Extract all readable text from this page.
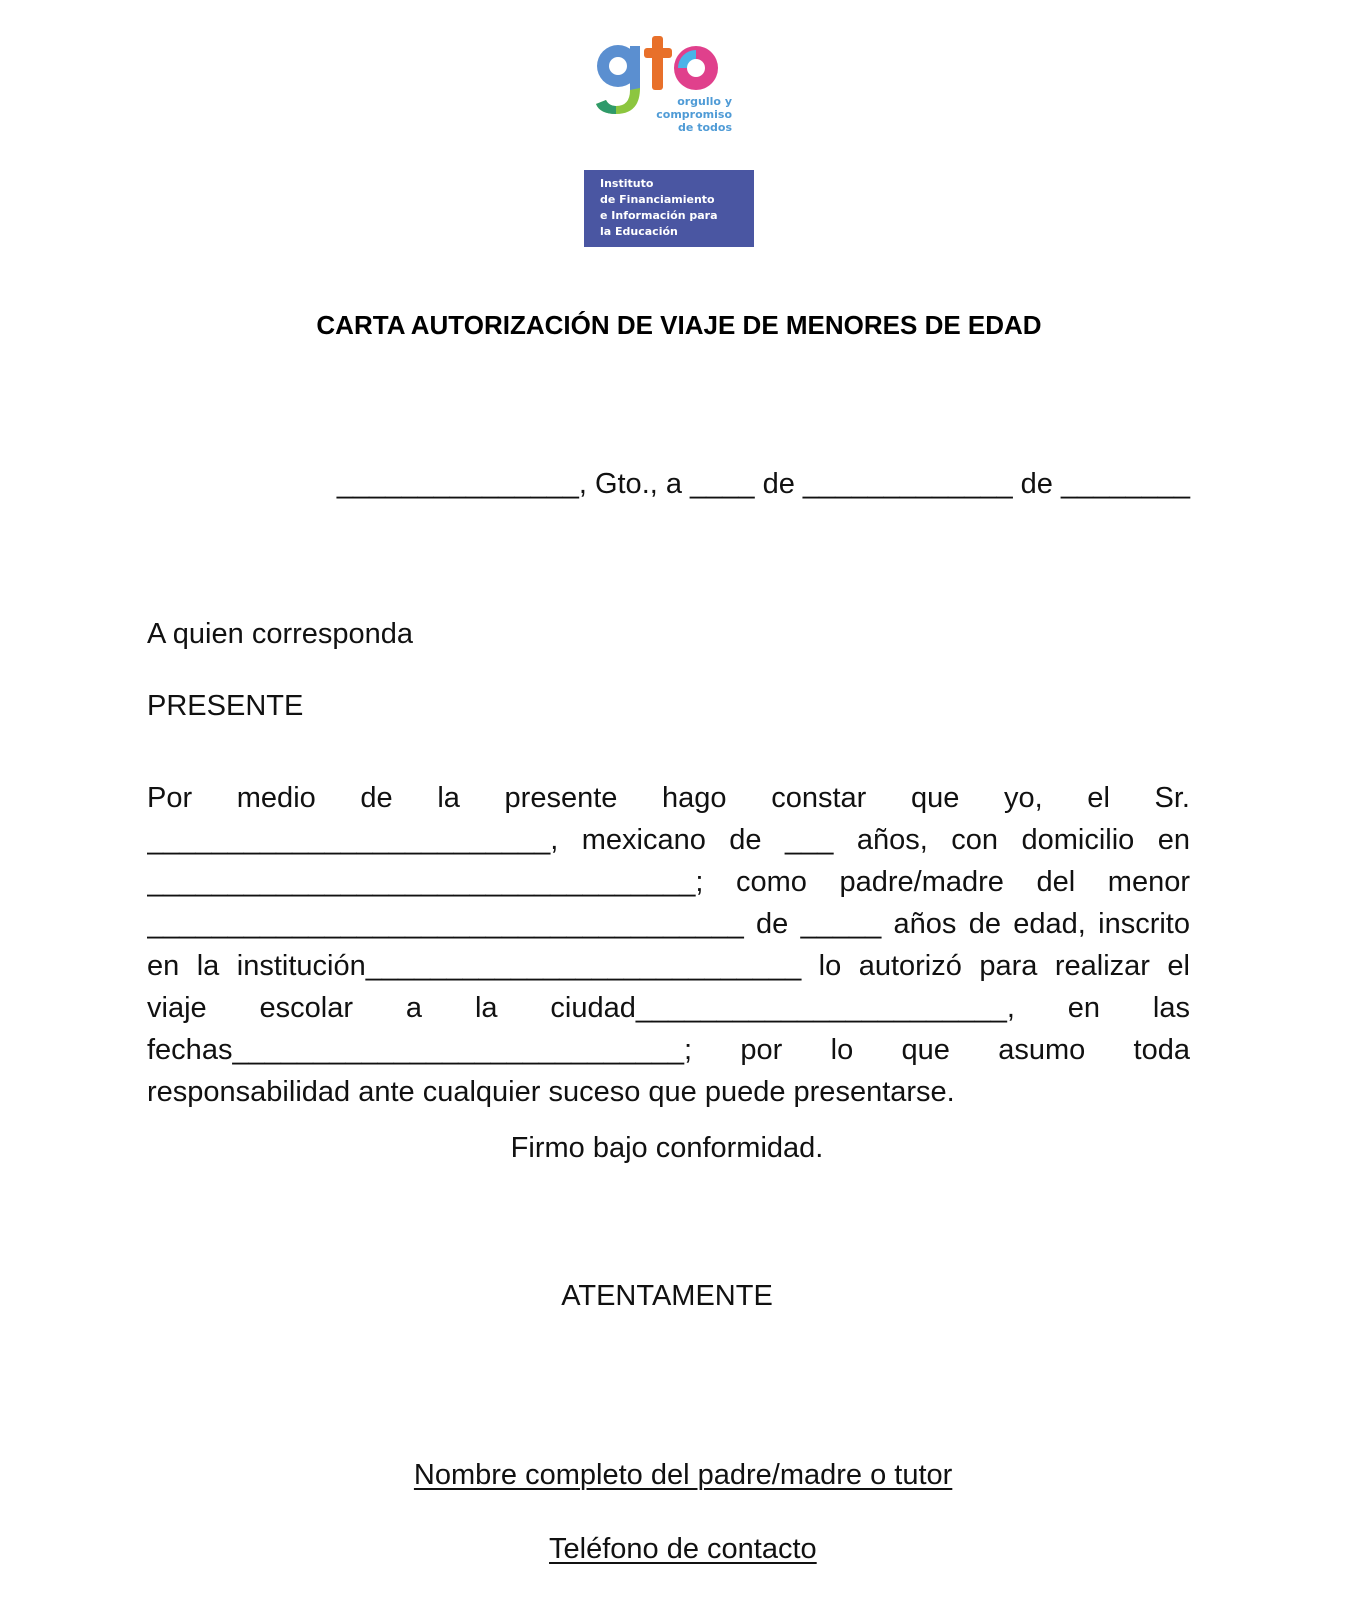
orgullo y
compromiso
de todos
Instituto
de Financiamiento
e Información para
la Educación
CARTA AUTORIZACIÓN DE VIAJE DE MENORES DE EDAD
_______________, Gto., a ____ de _____________ de ________
A quien corresponda
PRESENTE
Por medio de la presente hago constar que yo, el Sr.
_________________________, mexicano de ___ años, con domicilio en
__________________________________; como padre/madre del menor
_____________________________________ de _____ años de edad, inscrito
en la institución___________________________ lo autorizó para realizar el
viaje escolar a la ciudad_______________________, en las
fechas____________________________; por lo que asumo toda
responsabilidad ante cualquier suceso que puede presentarse.
Firmo bajo conformidad.
ATENTAMENTE

Nombre completo del padre/madre o tutor

Teléfono de contacto
